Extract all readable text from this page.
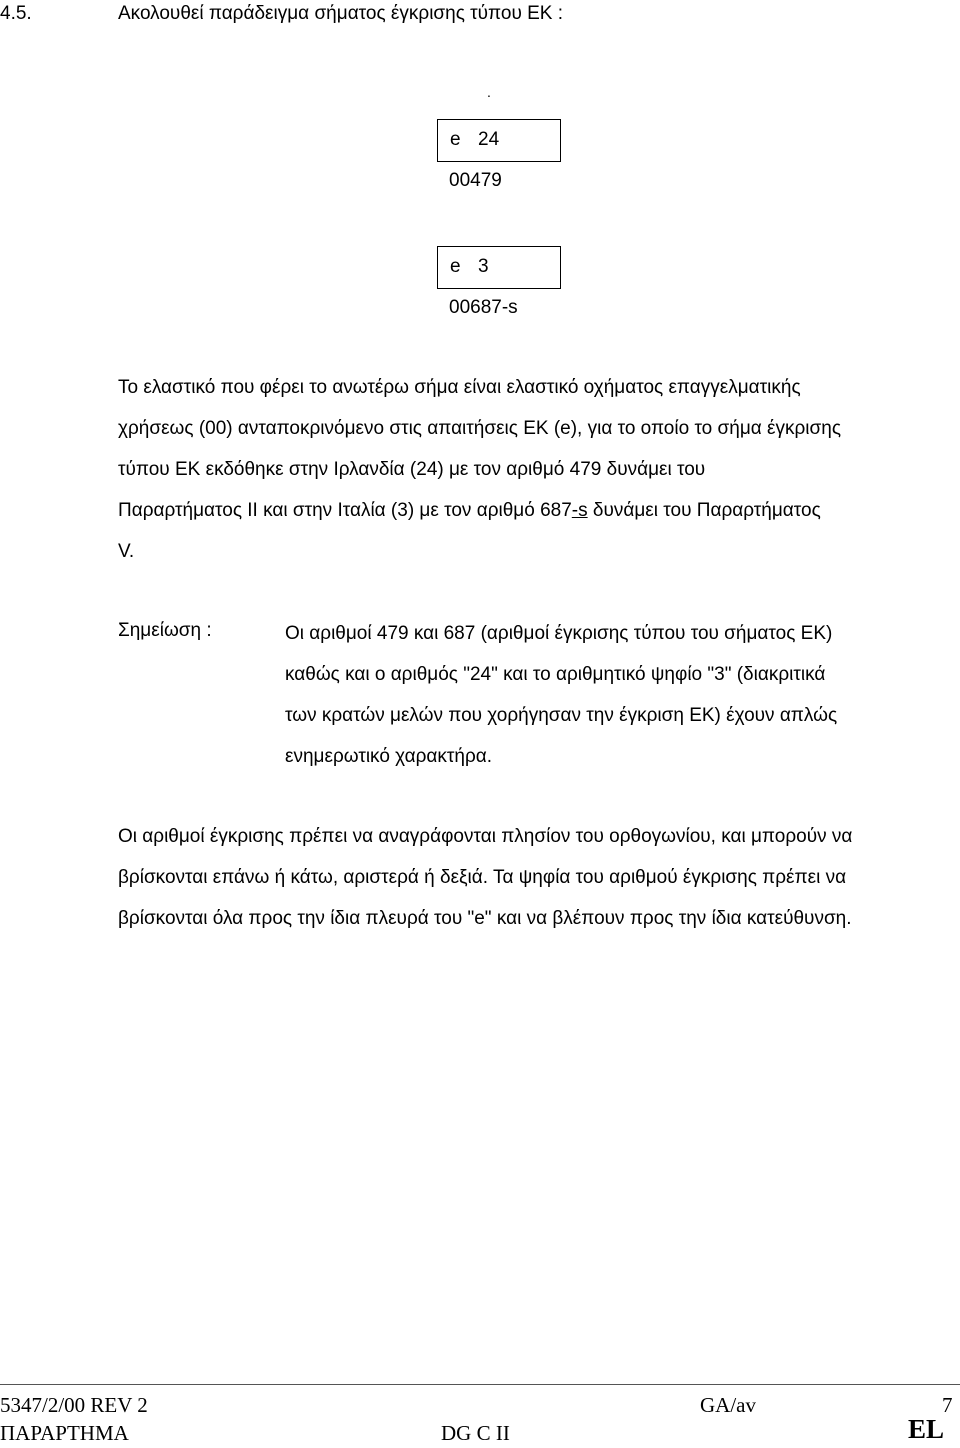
4.5.	Ακολουθεί παράδειγμα σήματος έγκρισης τύπου ΕΚ :
.
e 24
00479
e 3
00687-s
Το ελαστικό που φέρει το ανωτέρω σήμα είναι ελαστικό οχήματος επαγγελματικής
χρήσεως (00) ανταποκρινόμενο στις απαιτήσεις ΕΚ (e), για το οποίο το σήμα έγκρισης
τύπου ΕΚ εκδόθηκε στην Ιρλανδία (24) με τον αριθμό 479 δυνάμει του
Παραρτήματος ΙΙ και στην Ιταλία (3) με τον αριθμό 687-s δυνάμει του Παραρτήματος
V.
Σημείωση :	Οι αριθμοί 479 και 687 (αριθμοί έγκρισης τύπου του σήματος ΕΚ)
καθώς και ο αριθμός "24" και το αριθμητικό ψηφίο "3" (διακριτικά
των κρατών μελών που χορήγησαν την έγκριση ΕΚ) έχουν απλώς
ενημερωτικό χαρακτήρα.
Οι αριθμοί έγκρισης πρέπει να αναγράφονται πλησίον του ορθογωνίου, και μπορούν να
βρίσκονται επάνω ή κάτω, αριστερά ή δεξιά. Τα ψηφία του αριθμού έγκρισης πρέπει να
βρίσκονται όλα προς την ίδια πλευρά του "e" και να βλέπουν προς την ίδια κατεύθυνση.
5347/2/00 REV 2	GA/av	7
ΠΑΡΑΡΤΗΜΑ	DG C II	EL
